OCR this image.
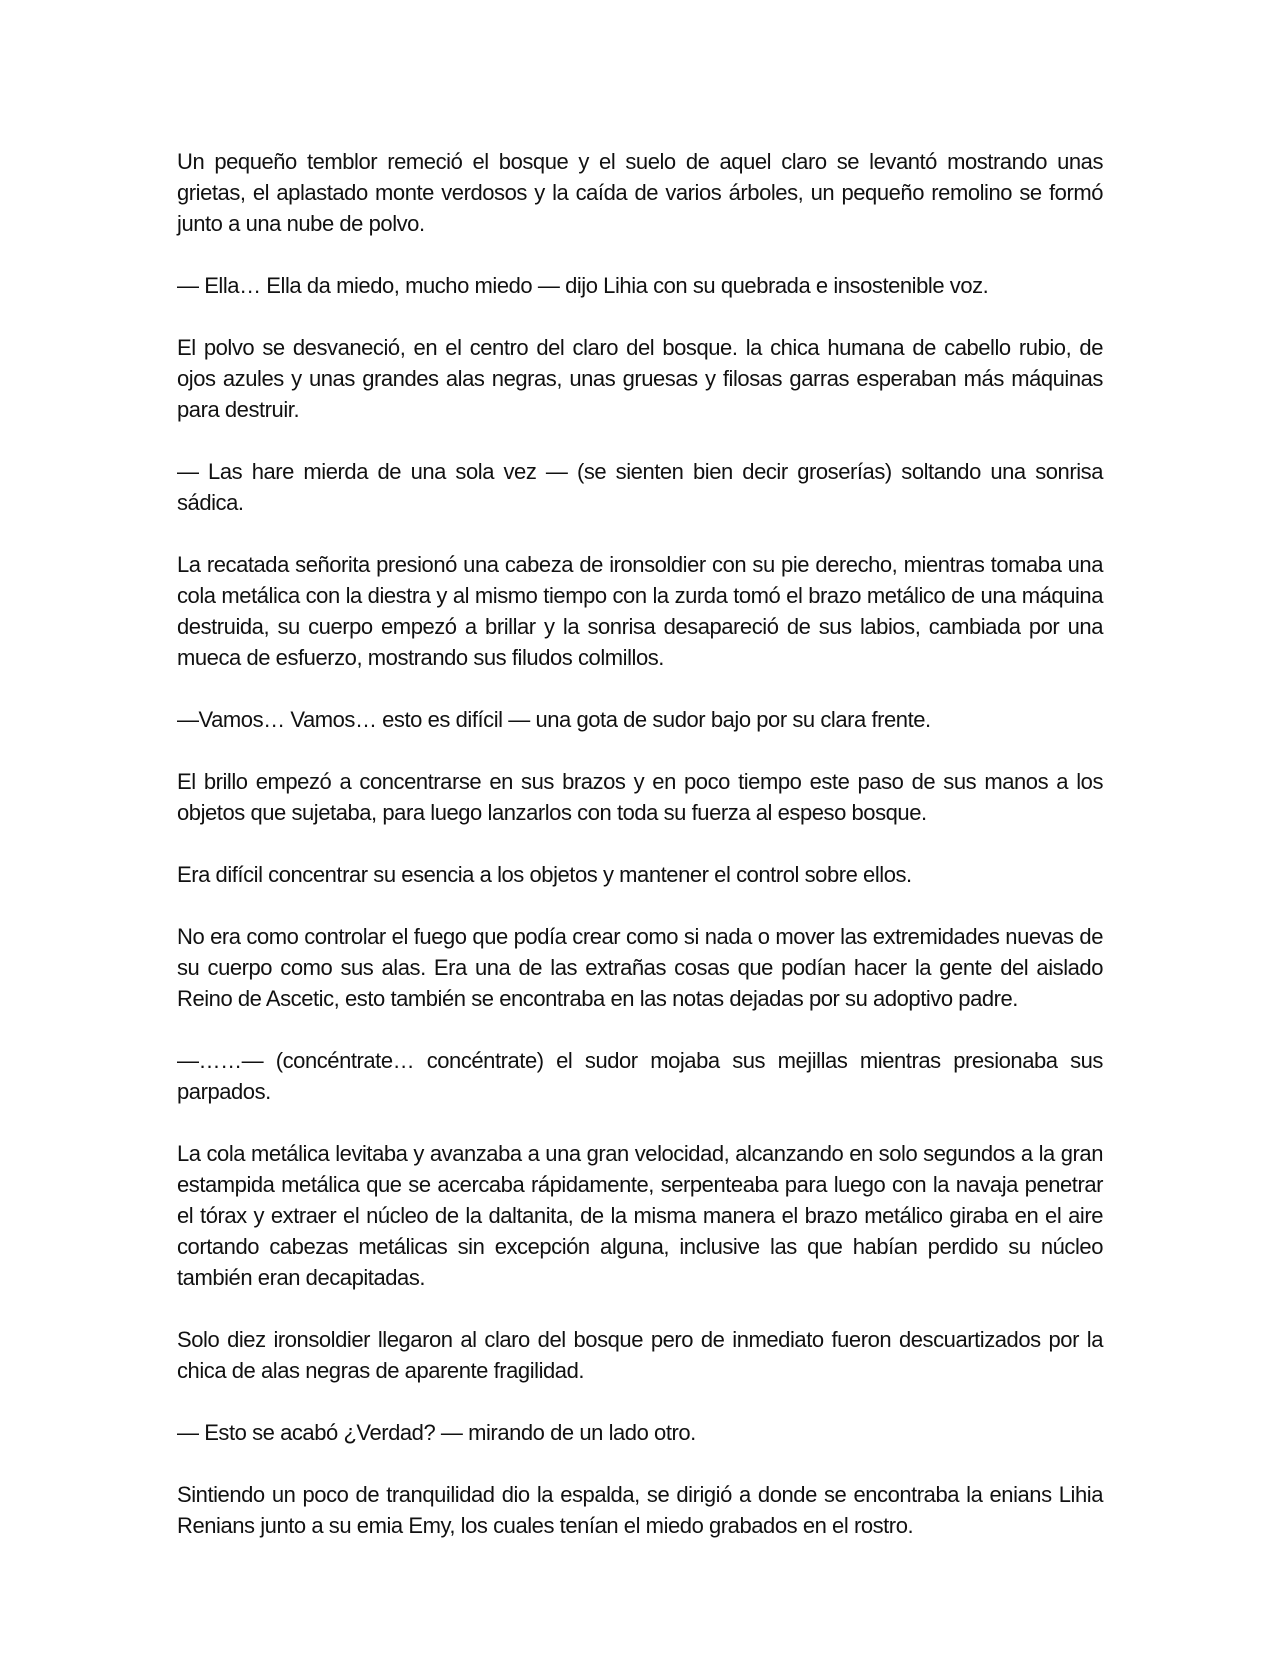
Un pequeño temblor remeció el bosque y el suelo de aquel claro se levantó mostrando unas grietas, el aplastado monte verdosos y la caída de varios árboles, un pequeño remolino se formó junto a una nube de polvo.

— Ella… Ella da miedo, mucho miedo — dijo Lihia con su quebrada e insostenible voz.

El polvo se desvaneció, en el centro del claro del bosque. la chica humana de cabello rubio, de ojos azules y unas grandes alas negras, unas gruesas y filosas garras esperaban más máquinas para destruir.

— Las hare mierda de una sola vez — (se sienten bien decir groserías) soltando una sonrisa sádica.

La recatada señorita presionó una cabeza de ironsoldier con su pie derecho, mientras tomaba una cola metálica con la diestra y al mismo tiempo con la zurda tomó el brazo metálico de una máquina destruida, su cuerpo empezó a brillar y la sonrisa desapareció de sus labios, cambiada por una mueca de esfuerzo, mostrando sus filudos colmillos.

—Vamos… Vamos… esto es difícil — una gota de sudor bajo por su clara frente.

El brillo empezó a concentrarse en sus brazos y en poco tiempo este paso de sus manos a los objetos que sujetaba, para luego lanzarlos con toda su fuerza al espeso bosque.

Era difícil concentrar su esencia a los objetos y mantener el control sobre ellos.

No era como controlar el fuego que podía crear como si nada o mover las extremidades nuevas de su cuerpo como sus alas. Era una de las extrañas cosas que podían hacer la gente del aislado Reino de Ascetic, esto también se encontraba en las notas dejadas por su adoptivo padre.

—……— (concéntrate… concéntrate) el sudor mojaba sus mejillas mientras presionaba sus parpados.

La cola metálica levitaba y avanzaba a una gran velocidad, alcanzando en solo segundos a la gran estampida metálica que se acercaba rápidamente, serpenteaba para luego con la navaja penetrar el tórax y extraer el núcleo de la daltanita, de la misma manera el brazo metálico giraba en el aire cortando cabezas metálicas sin excepción alguna, inclusive las que habían perdido su núcleo también eran decapitadas.

Solo diez ironsoldier llegaron al claro del bosque pero de inmediato fueron descuartizados por la chica de alas negras de aparente fragilidad.

— Esto se acabó ¿Verdad? — mirando de un lado otro.

Sintiendo un poco de tranquilidad dio la espalda, se dirigió a donde se encontraba la enians Lihia Renians junto a su emia Emy, los cuales tenían el miedo grabados en el rostro.
